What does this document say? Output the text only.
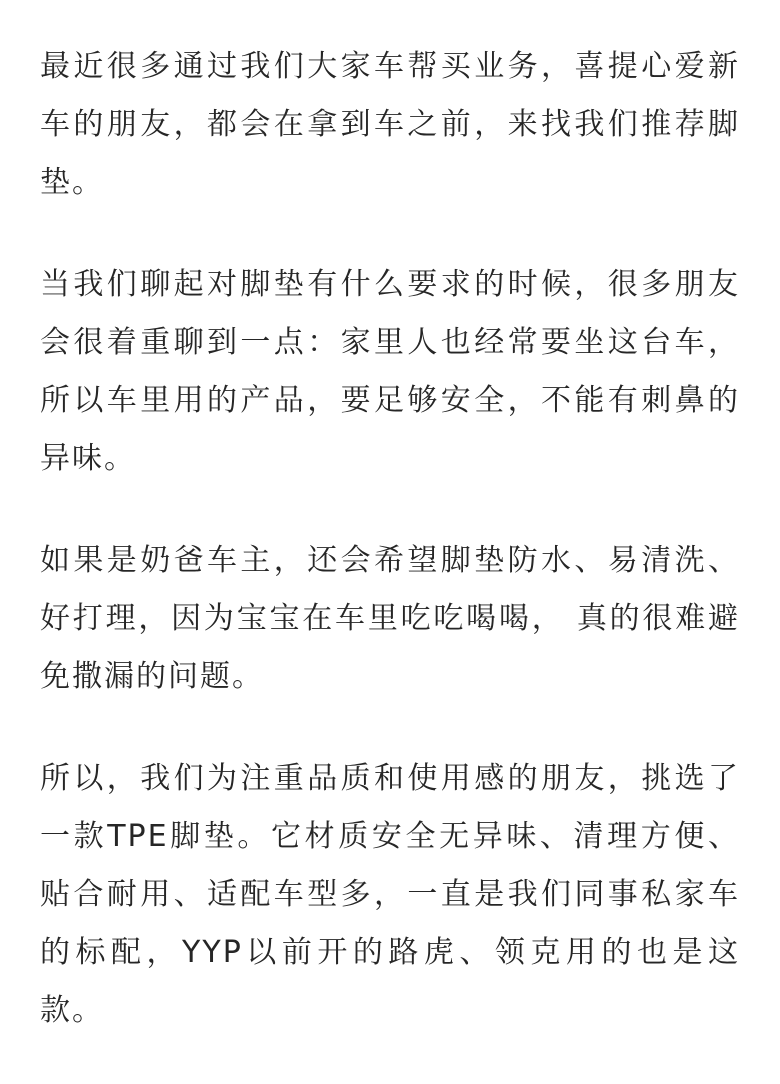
最近很多通过我们大家车帮买业务，喜提心爱新车的朋友，都会在拿到车之前，来找我们推荐脚垫。

当我们聊起对脚垫有什么要求的时候，很多朋友会很着重聊到一点：家里人也经常要坐这台车，所以车里用的产品，要足够安全，不能有刺鼻的异味。

如果是奶爸车主，还会希望脚垫防水、易清洗、好打理，因为宝宝在车里吃吃喝喝， 真的很难避免撒漏的问题。

所以，我们为注重品质和使用感的朋友，挑选了一款TPE脚垫。它材质安全无异味、清理方便、贴合耐用、适配车型多，一直是我们同事私家车的标配，YYP以前开的路虎、领克用的也是这款。
